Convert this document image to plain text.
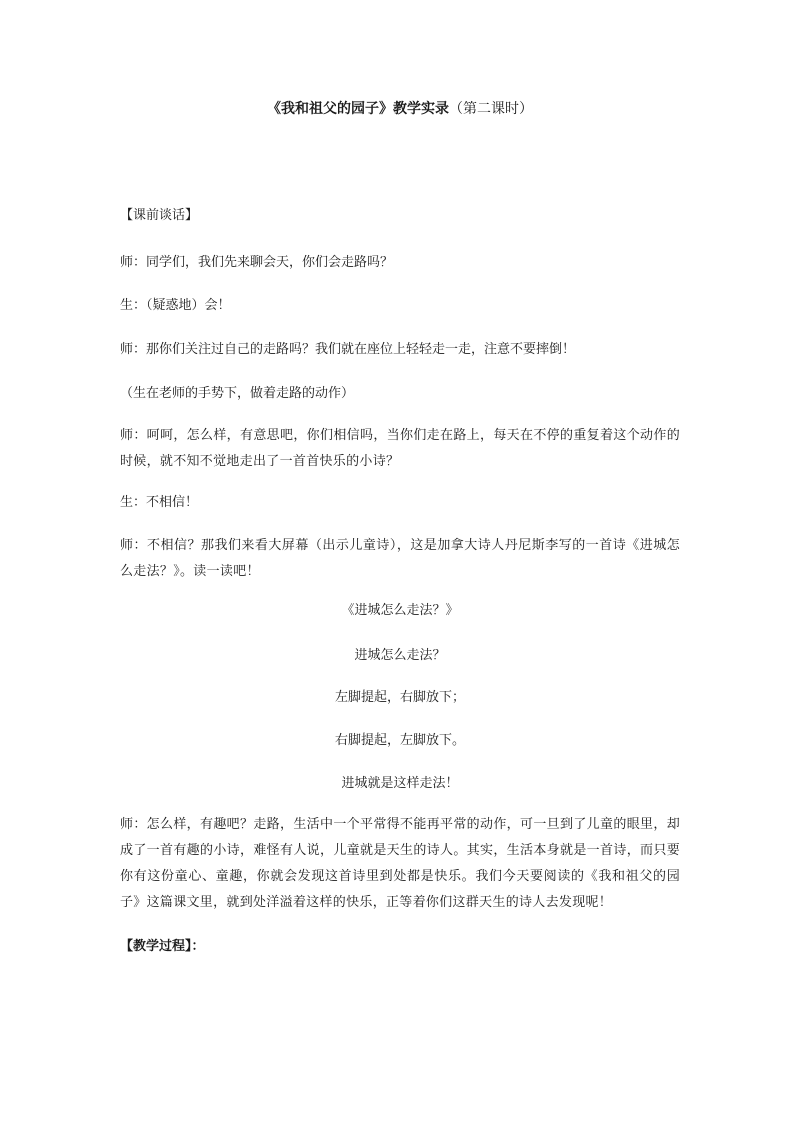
《我和祖父的园子》教学实录（第二课时）
【课前谈话】
师：同学们，我们先来聊会天，你们会走路吗？
生：（疑惑地）会！
师：那你们关注过自己的走路吗？我们就在座位上轻轻走一走，注意不要摔倒！
（生在老师的手势下，做着走路的动作）
师：呵呵，怎么样，有意思吧，你们相信吗，当你们走在路上，每天在不停的重复着这个动作的时候，就不知不觉地走出了一首首快乐的小诗？
生：不相信！
师：不相信？那我们来看大屏幕（出示儿童诗），这是加拿大诗人丹尼斯李写的一首诗《进城怎么走法？》。读一读吧！
《进城怎么走法？》
进城怎么走法？
左脚提起，右脚放下；
右脚提起，左脚放下。
进城就是这样走法！
师：怎么样，有趣吧？走路，生活中一个平常得不能再平常的动作，可一旦到了儿童的眼里，却成了一首有趣的小诗，难怪有人说，儿童就是天生的诗人。其实，生活本身就是一首诗，而只要你有这份童心、童趣，你就会发现这首诗里到处都是快乐。我们今天要阅读的《我和祖父的园子》这篇课文里，就到处洋溢着这样的快乐，正等着你们这群天生的诗人去发现呢！
【教学过程】：
